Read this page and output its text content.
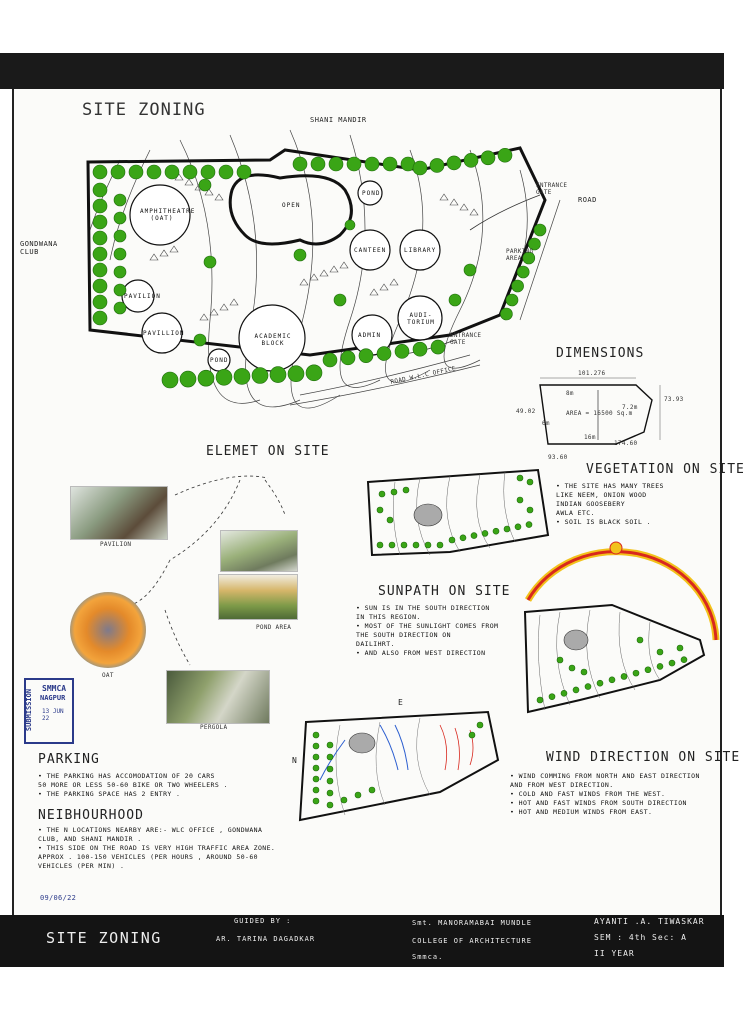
SITE ZONING	SHANI MANDIR
GONDWANA CLUB
ENTRANCE GATE
ROAD
PARKING AREA
ENTRANCE GATE
ROAD W.L.C OFFICE
AMPHITHEATRE (OAT)
OPEN
POND
CANTEEN	LIBRARY
PAVILION
PAVILLION	ACADEMIC BLOCK
POND
ADMIN
AUDI-TORIUM
DIMENSIONS
101.276
73.93
49.02	AREA = 16500 Sq.m
6m
8m
7.2m
16m
93.60
174.60
ELEMET ON SITE
PAVILION
POND AREA
OAT
PERGOLA
VEGETATION ON SITE
• THE SITE HAS MANY TREES
LIKE NEEM, ONION WOOD
INDIAN GOOSEBERY
AWLA ETC.
• SOIL IS BLACK SOIL .
SUNPATH ON SITE
• SUN IS IN THE SOUTH DIRECTION
IN THIS REGION.
• MOST OF THE SUNLIGHT COMES FROM
THE SOUTH DIRECTION ON
DAILIHRT.
• AND ALSO FROM WEST DIRECTION
SMMCA
NAGPUR
13 JUN 22
SUBMISSION	E
N	WIND DIRECTION ON SITE
• WIND COMMING FROM NORTH AND EAST DIRECTION
AND FROM WEST DIRECTION.
• COLD AND FAST WINDS FROM THE WEST.
• HOT AND FAST WINDS FROM SOUTH DIRECTION
• HOT AND MEDIUM WINDS FROM EAST.
PARKING
• THE PARKING HAS ACCOMODATION OF 20 CARS
50 MORE OR LESS 50-60 BIKE OR TWO WHEELERS .
• THE PARKING SPACE HAS 2 ENTRY .
NEIBHOURHOOD
• THE N LOCATIONS NEARBY ARE:- WLC OFFICE , GONDWANA
CLUB, AND SHANI MANDIR .
• THIS SIDE ON THE ROAD IS VERY HIGH TRAFFIC AREA ZONE.
APPROX . 100-150 VEHICLES (PER HOURS , AROUND 50-60
VEHICLES (PER MIN) .
09/06/22
SITE ZONING
GUIDED BY :
AR. TARINA DAGADKAR
Smt. MANORAMABAI MUNDLE
COLLEGE OF ARCHITECTURE
Smmca.
AYANTI .A. TIWASKAR
SEM : 4th Sec: A
II YEAR
